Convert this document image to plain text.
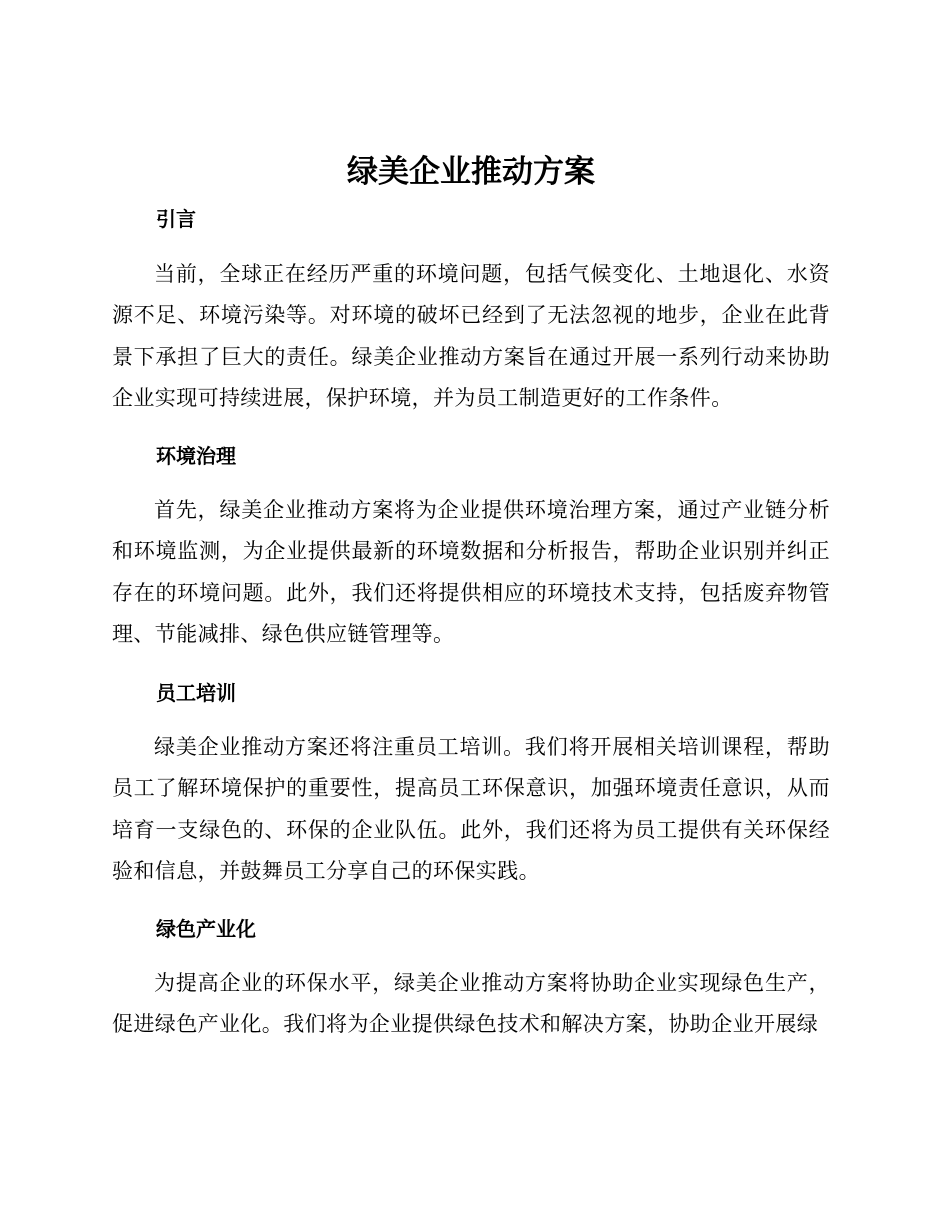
绿美企业推动方案
引言

当前，全球正在经历严重的环境问题，包括气候变化、土地退化、水资源不足、环境污染等。对环境的破坏已经到了无法忽视的地步，企业在此背景下承担了巨大的责任。绿美企业推动方案旨在通过开展一系列行动来协助企业实现可持续进展，保护环境，并为员工制造更好的工作条件。

环境治理

首先，绿美企业推动方案将为企业提供环境治理方案，通过产业链分析和环境监测，为企业提供最新的环境数据和分析报告，帮助企业识别并纠正存在的环境问题。此外，我们还将提供相应的环境技术支持，包括废弃物管理、节能减排、绿色供应链管理等。

员工培训

绿美企业推动方案还将注重员工培训。我们将开展相关培训课程，帮助员工了解环境保护的重要性，提高员工环保意识，加强环境责任意识，从而培育一支绿色的、环保的企业队伍。此外，我们还将为员工提供有关环保经验和信息，并鼓舞员工分享自己的环保实践。

绿色产业化

为提高企业的环保水平，绿美企业推动方案将协助企业实现绿色生产，促进绿色产业化。我们将为企业提供绿色技术和解决方案，协助企业开展绿
